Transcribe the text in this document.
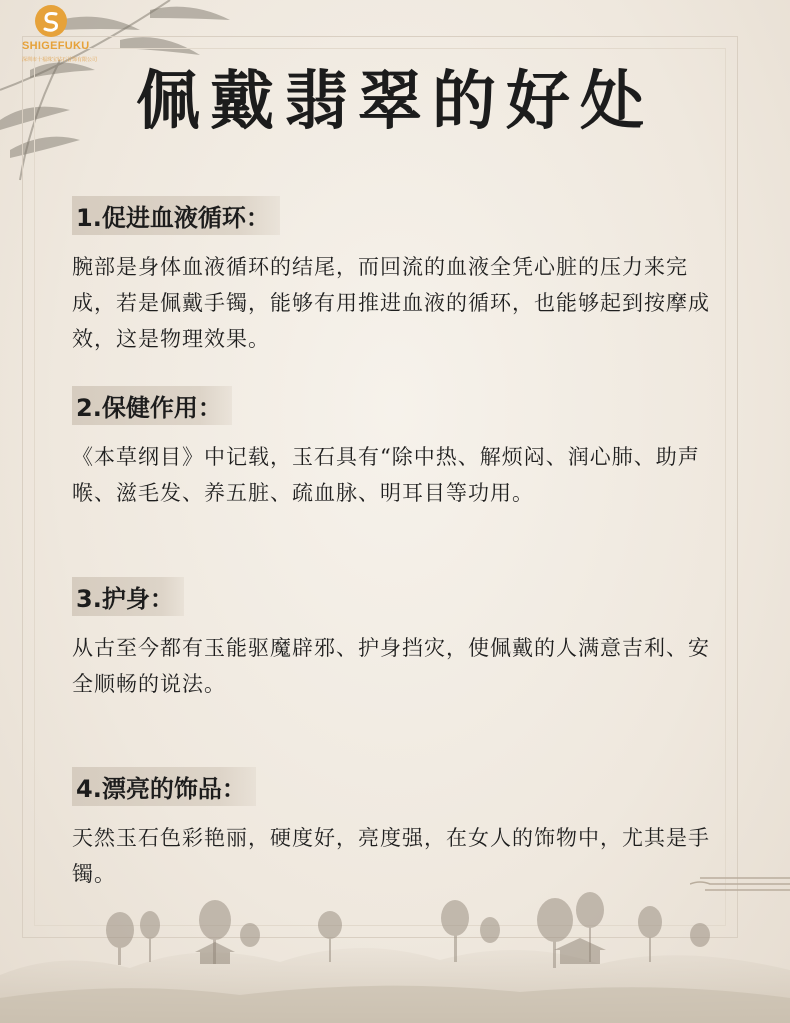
SHIGEFUKU
深圳市十福珠宝钻石首饰有限公司
佩戴翡翠的好处
1.促进血液循环：
腕部是身体血液循环的结尾，而回流的血液全凭心脏的压力来完成，若是佩戴手镯，能够有用推进血液的循环，也能够起到按摩成效，这是物理效果。
2.保健作用：
《本草纲目》中记载，玉石具有“除中热、解烦闷、润心肺、助声喉、滋毛发、养五脏、疏血脉、明耳目等功用。
3.护身：
从古至今都有玉能驱魔辟邪、护身挡灾，使佩戴的人满意吉利、安全顺畅的说法。
4.漂亮的饰品：
天然玉石色彩艳丽，硬度好，亮度强，在女人的饰物中，尤其是手镯。
